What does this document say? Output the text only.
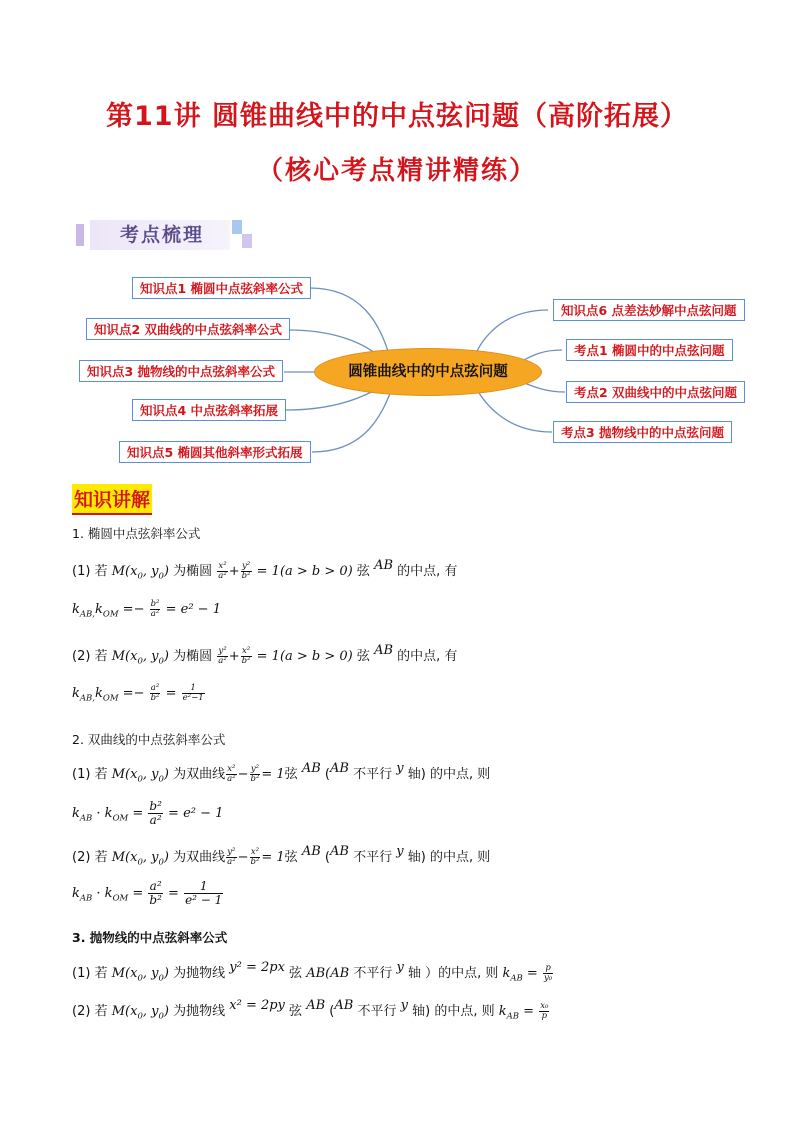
第11讲 圆锥曲线中的中点弦问题（高阶拓展）
（核心考点精讲精练）
考点梳理
知识点1 椭圆中点弦斜率公式
知识点2 双曲线的中点弦斜率公式
知识点3 抛物线的中点弦斜率公式
知识点4 中点弦斜率拓展
知识点5 椭圆其他斜率形式拓展
圆锥曲线中的中点弦问题
知识点6 点差法妙解中点弦问题
考点1 椭圆中的中点弦问题
考点2 双曲线中的中点弦问题
考点3 抛物线中的中点弦问题
知识讲解
1. 椭圆中点弦斜率公式
(1) 若 $M(x_0$, $y_0$) 为椭圆 $\frac{\text{x²}}{\text{a²}} + \frac{\text{y²}}{\text{b²}} = 1(a > b > 0)$ 弦 AB 的中点, 有
$k_{AB,}k_{OM} =- \frac{\text{b²}}{\text{a²}} = e^2 - 1$
(2) 若 $M(x_0$, $y_0$) 为椭圆 $\frac{\text{y²}}{\text{a²}} + \frac{\text{x²}}{\text{b²}} = 1(a > b > 0)$ 弦 AB 的中点, 有
$k_{AB,}k_{OM} =- \frac{\text{a²}}{\text{b²}} = \frac{1}{\text{e²−1}}$
2. 双曲线的中点弦斜率公式
(1) 若 $M(x_0$, $y_0$) 为双曲线 $\frac{\text{x²}}{\text{a²}} - \frac{\text{y²}}{\text{b²}} = 1$弦 AB (AB 不平行 y 轴) 的中点, 则
$k_{AB} \cdot k_{OM} = \frac{\text{b²}}{\text{a²}} = e^2 - 1$
(2) 若 $M(x_0$, $y_0$) 为双曲线 $\frac{\text{y²}}{\text{a²}} - \frac{\text{x²}}{\text{b²}} = 1$弦 AB (AB 不平行 y 轴) 的中点, 则
$k_{AB} \cdot k_{OM} = \frac{\text{a²}}{\text{b²}} = \frac{1}{\text{e² − 1}}$
3. 抛物线的中点弦斜率公式
(1) 若 $M(x_0$, $y_0$) 为抛物线 y² = 2px 弦 AB(AB 不平行 y 轴 ）的中点, 则 $k_{AB} = \frac{p}{\text{y₀}}$
(2) 若 $M(x_0$, $y_0$) 为抛物线 x² = 2py 弦 AB (AB 不平行 y 轴) 的中点, 则 $k_{AB} = \frac{\text{x₀}}{p}$
